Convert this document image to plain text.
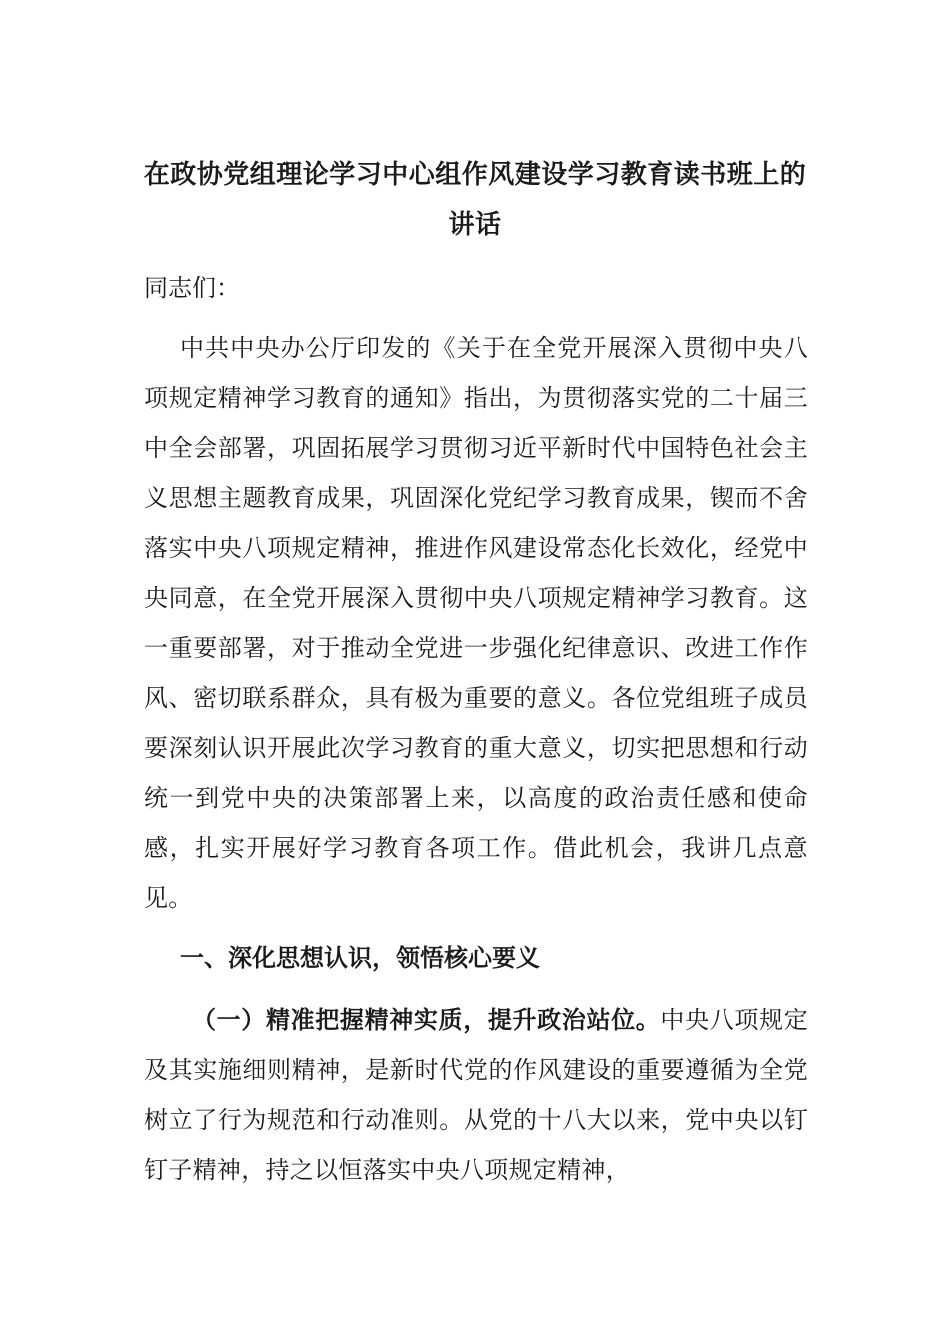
在政协党组理论学习中心组作风建设学习教育读书班上的讲话
同志们：
中共中央办公厅印发的《关于在全党开展深入贯彻中央八项规定精神学习教育的通知》指出，为贯彻落实党的二十届三中全会部署，巩固拓展学习贯彻习近平新时代中国特色社会主义思想主题教育成果，巩固深化党纪学习教育成果，锲而不舍落实中央八项规定精神，推进作风建设常态化长效化，经党中央同意，在全党开展深入贯彻中央八项规定精神学习教育。这一重要部署，对于推动全党进一步强化纪律意识、改进工作作风、密切联系群众，具有极为重要的意义。各位党组班子成员要深刻认识开展此次学习教育的重大意义，切实把思想和行动统一到党中央的决策部署上来，以高度的政治责任感和使命感，扎实开展好学习教育各项工作。借此机会，我讲几点意见。
一、深化思想认识，领悟核心要义
（一）精准把握精神实质，提升政治站位。中央八项规定及其实施细则精神，是新时代党的作风建设的重要遵循为全党树立了行为规范和行动准则。从党的十八大以来，党中央以钉钉子精神，持之以恒落实中央八项规定精神，
